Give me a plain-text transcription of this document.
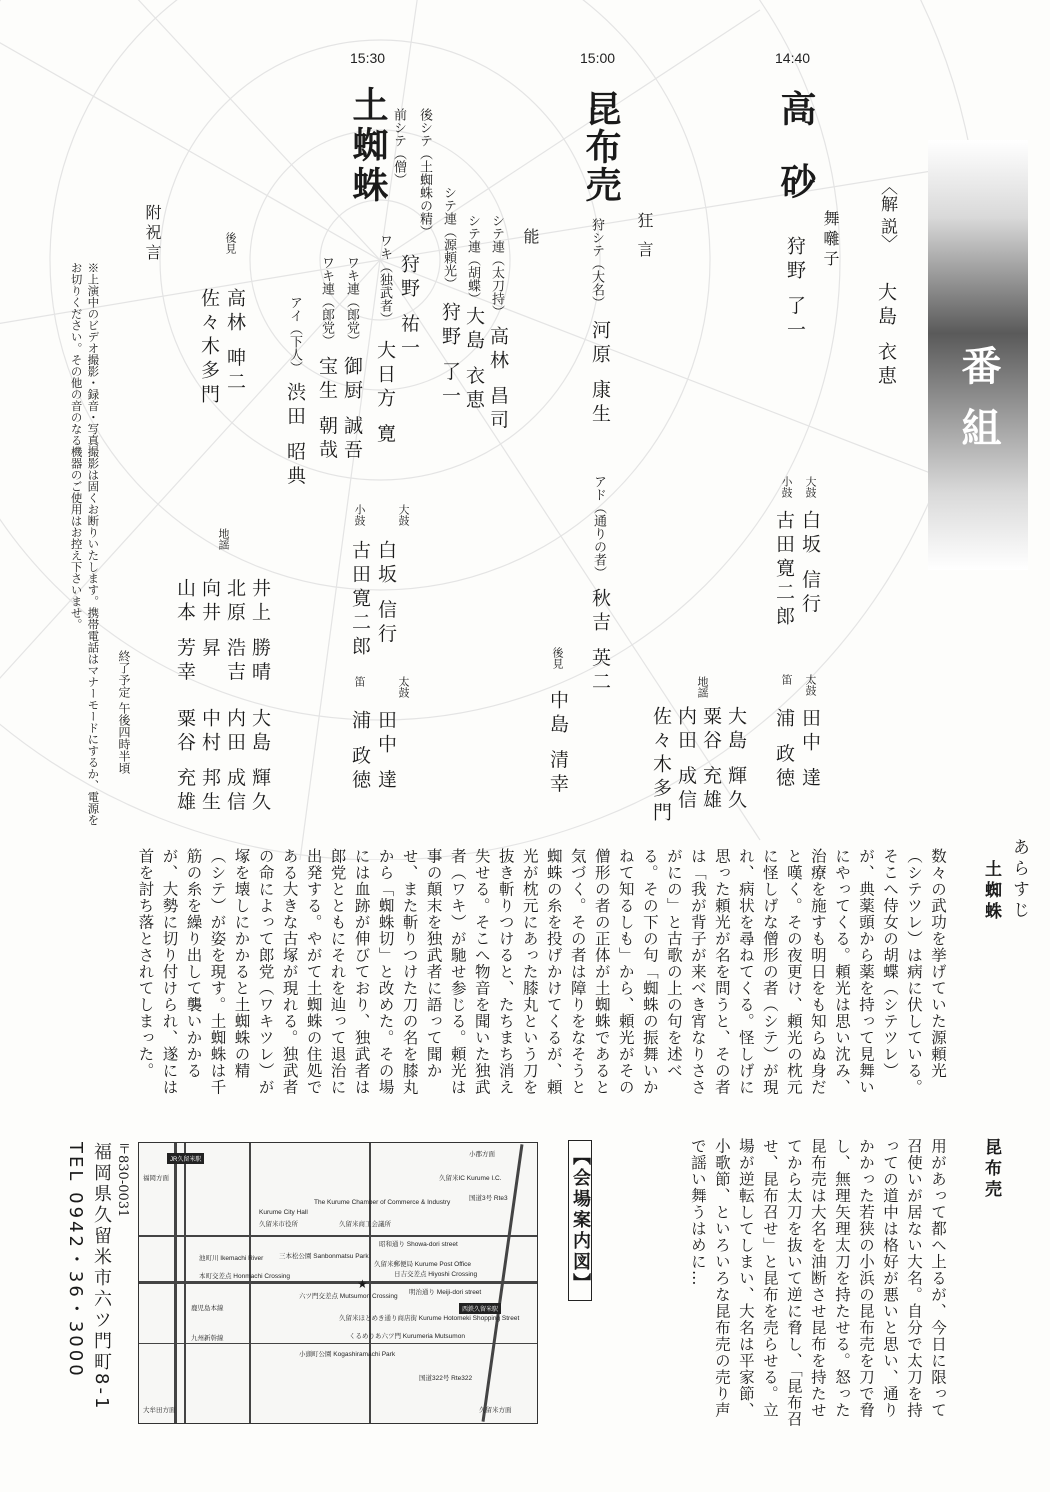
番組
〈解 説〉
大島 衣恵
14:40
高 砂
舞囃子
狩野 了一
大鼓
白坂 信行
小鼓
古田寛二郎
太鼓
田中 達
笛
浦 政徳
地謡
大島 輝久
粟谷 充雄
内田 成信
佐々木多門
15:00
昆布売
狂 言
狩シテ（大名）
河原 康生
アド（通りの者）
秋吉 英二
後見
中島 清幸
15:30
土蜘蛛
能
シテ連（太刀持）
高林 昌司
シテ連（胡蝶）
大島 衣恵
シテ連（源頼光）
狩野 了一
後シテ（土蜘蛛の精）
前シテ（僧）
狩野 祐一
ワキ（独武者）
大日方 寛
ワキ連（郎党）
御厨 誠吾
ワキ連（郎党）
宝生 朝哉
アイ（下人）
渋田 昭典
後見
高林 呻二
佐々木多門
附祝言
大鼓
白坂 信行
小鼓
古田寛二郎
太鼓
田中 達
笛
浦 政徳
地謡
井上 勝晴
北原 浩吉
向井 昇
山本 芳幸
大島 輝久
内田 成信
中村 邦生
粟谷 充雄
終了予定 午後四時半頃
※上演中のビデオ撮影・録音・写真撮影は固くお断りいたします。携帯電話はマナーモードにするか、電源をお切りください。その他の音のなる機器のご使用はお控え下さいませ。
あらすじ
土蜘蛛
数々の武功を挙げていた源頼光（シテツレ）は病に伏している。そこへ侍女の胡蝶（シテツレ）が、典薬頭から薬を持って見舞いにやってくる。頼光は思い沈み、治療を施すも明日をも知らぬ身だと嘆く。その夜更け、頼光の枕元に怪しげな僧形の者（シテ）が現れ、病状を尋ねてくる。怪しげに思った頼光が名を問うと、その者は「我が背子が来べき宵なりささがにの」と古歌の上の句を述べる。その下の句「蜘蛛の振舞いかねて知るしも」から、頼光がその僧形の者の正体が土蜘蛛であると気づく。その者は障りをなそうと蜘蛛の糸を投げかけてくるが、頼光が枕元にあった膝丸という刀を抜き斬りつけると、たちまち消え失せる。そこへ物音を聞いた独武者（ワキ）が馳せ参じる。頼光は事の顛末を独武者に語って聞かせ、また斬りつけた刀の名を膝丸から「蜘蛛切」と改めた。その場には血跡が伸びており、独武者は郎党とともにそれを辿って退治に出発する。やがて土蜘蛛の住処である大きな古塚が現れる。独武者の命によって郎党（ワキツレ）が塚を壊しにかかると土蜘蛛の精（シテ）が姿を現す。土蜘蛛は千筋の糸を繰り出して襲いかかるが、大勢に切り付けられ、遂には首を討ち落とされてしまった。
昆布売
用があって都へ上るが、今日に限って召使いが居ない大名。自分で太刀を持っての道中は格好が悪いと思い、通りかかった若狭の小浜の昆布売を刀で脅し、無理矢理太刀を持たせる。怒った昆布売は大名を油断させ昆布を持たせてから太刀を抜いて逆に脅し、「昆布召せ、昆布召せ」と昆布を売らせる。立場が逆転してしまい、大名は平家節、小歌節、といろいろな昆布売の売り声で謡い舞うはめに…
【会場案内図】
JR久留米駅
西鉄久留米駅
Kurume City Hall
久留米市役所
The Kurume Chamber of Commerce & Industry
久留米商工会議所
昭和通り Showa-dori street
池町川 Ikemachi River 三本松公園 Sanbonmatsu Park
久留米郵便局 Kurume Post Office
日吉交差点 Hiyoshi Crossing
本町交差点 Honmachi Crossing
明治通り Meiji-dori street
六ツ門交差点 Mutsumon Crossing
★
久留米ほとめき通り商店街 Kurume Hotomeki Shopping Street
くるめりあ六ツ門 Kurumeria Mutsumon
小頭町公園 Kogashiramachi Park
久留米IC Kurume I.C.
国道3号 Rte3
国道322号 Rte322
鹿児島本線
九州新幹線
福岡方面
小郡方面
大牟田方面	久留米方面
〒830-0031
福岡県久留米市六ツ門町8-1
TEL 0942・36・3000
